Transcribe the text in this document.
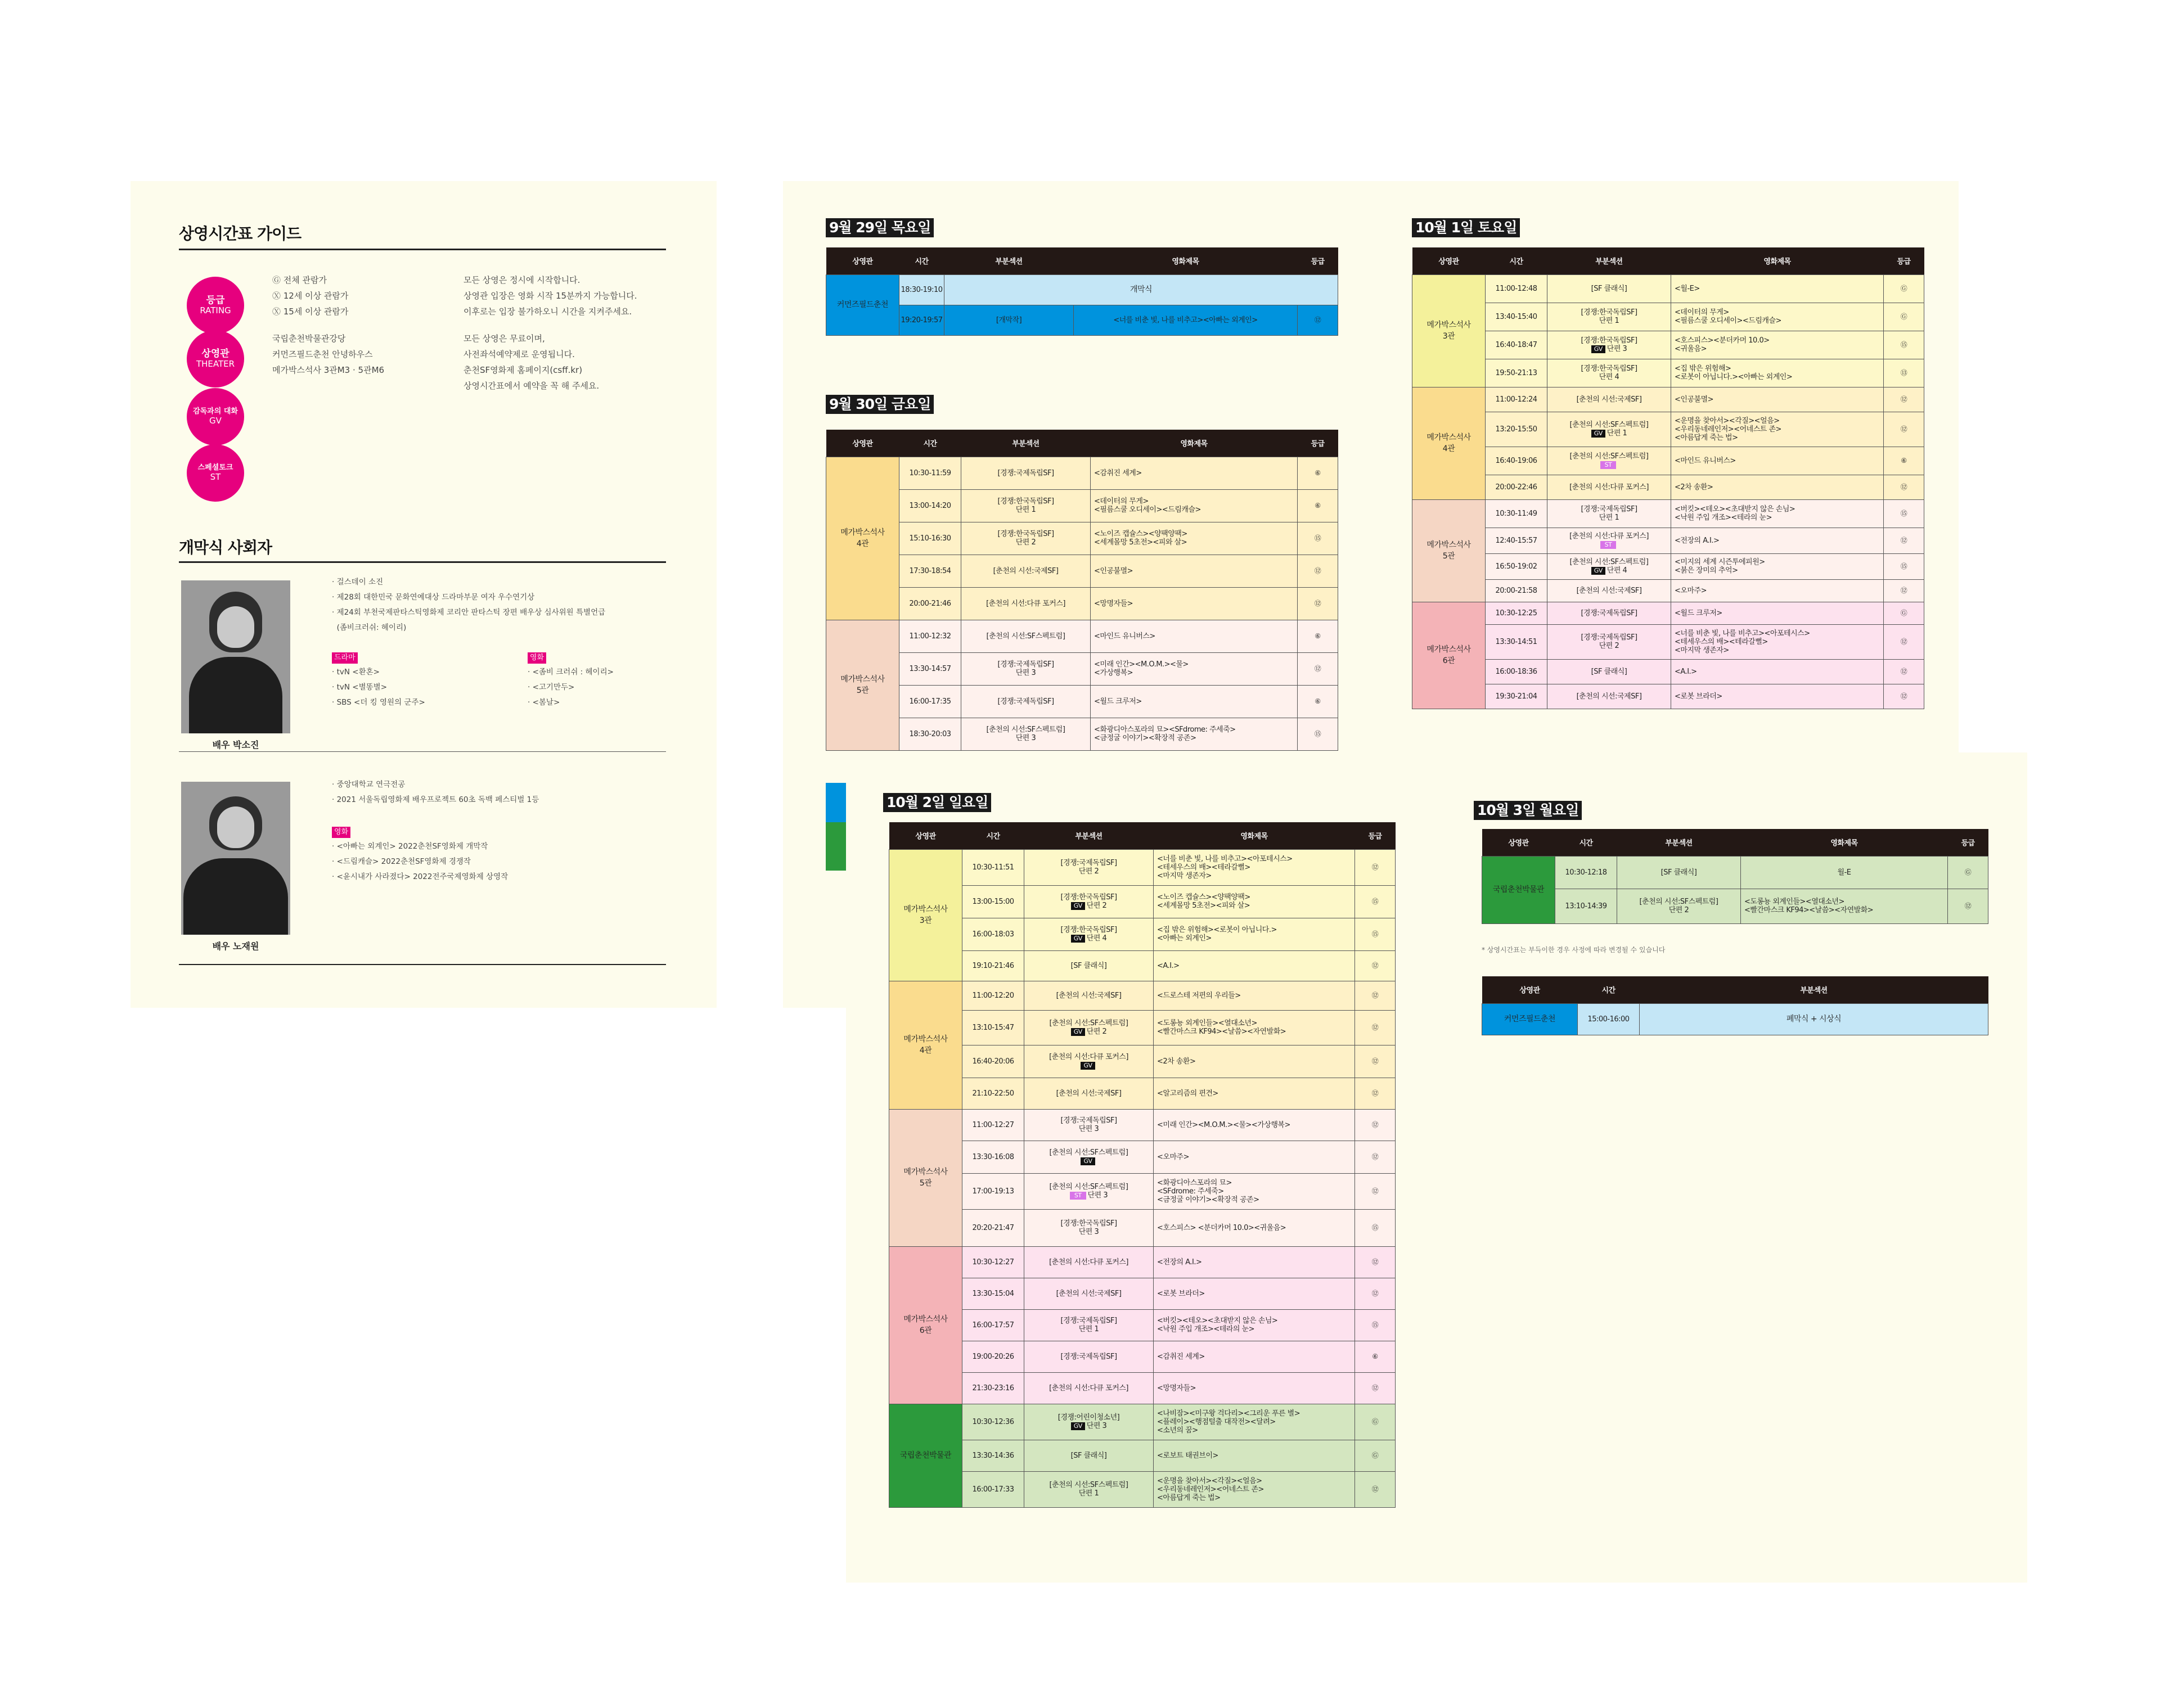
상영시간표 가이드
등급
RATING
상영관
THEATER
감독과의 대화
GV
스페셜토크
ST
Ⓖ 전체 관람가
Ⓧ 12세 이상 관람가
Ⓧ 15세 이상 관람가
모든 상영은 정시에 시작합니다.
상영관 입장은 영화 시작 15분까지 가능합니다.
이후로는 입장 불가하오니 시간을 지켜주세요.
국립춘천박물관강당
커먼즈필드춘천 안녕하우스
메가박스석사 3관M3 · 5관M6
모든 상영은 무료이며,
사전좌석예약제로 운영됩니다.
춘천SF영화제 홈페이지(csff.kr)
상영시간표에서 예약을 꼭 해 주세요.
개막식 사회자
배우 박소진
· 걸스데이 소진
· 제28회 대한민국 문화연예대상 드라마부문 여자 우수연기상
· 제24회 부천국제판타스틱영화제 코리안 판타스틱 장편 배우상 심사위원 특별언급
(좀비크러쉬: 헤이리)
드라마
· tvN <환혼>
· tvN <별똥별>
· SBS <더 킹 영원의 군주>
영화
· <좀비 크러쉬 : 헤이리>
· <고기만두>
· <봄날>
배우 노재원
· 중앙대학교 연극전공
· 2021 서울독립영화제 배우프로젝트 60초 독백 페스티벌 1등
영화
· <아빠는 외계인> 2022춘천SF영화제 개막작
· <드림캐슬> 2022춘천SF영화제 경쟁작
· <윤시내가 사라졌다> 2022전주국제영화제 상영작
9월 29일 목요일
상영관	시간	부분섹션	영화제목	등급
커먼즈필드춘천	18:30-19:10	개막식		
	19:20-19:57	[개막작]	<너를 비춘 빛, 나를 비추고><아빠는 외계인>	⑫
9월 30일 금요일
상영관	시간	부분섹션	영화제목	등급
메가박스석사
4관	10:30-11:59	[경쟁:국제독립SF]	<감취진 세계>	⑥
	13:00-14:20	[경쟁:한국독립SF]
단편 1	<데이터의 무게>
<필름스쿨 오디세이><드림캐슬>	⑥
	15:10-16:30	[경쟁:한국독립SF]
단편 2	<노이즈 캡슐스><양팩양팩>
<세계몰망 5초전><피와 살>	⑮
	17:30-18:54	[춘천의 시선:국제SF]	<인공불멸>	⑫
	20:00-21:46	[춘천의 시선:다큐 포커스]	<망명자들>	⑫
메가박스석사
5관	11:00-12:32	[춘천의 시선:SF스펙트럼]	<마인드 유니버스>	⑥
	13:30-14:57	[경쟁:국제독립SF]
단편 3	<미래 인간><M.O.M.><물>
<가상행복>	⑫
	16:00-17:35	[경쟁:국제독립SF]	<월드 크루저>	⑥
	18:30-20:03	[춘천의 시선:SF스펙트럼]
단편 3	<화광디아스포라의 묘><SFdrome: 주세죽>
<금정굴 이야기><확장적 공존>	⑮
10월 1일 토요일
상영관	시간	부분섹션	영화제목	등급
메가박스석사
3관	11:00-12:48	[SF 클래식]	<월-E>	Ⓖ
	13:40-15:40	[경쟁:한국독립SF]
단편 1	<데이터의 무게>
<필름스쿨 오디세이><드림캐슬>	Ⓖ
	16:40-18:47	[경쟁:한국독립SF]
GV 단편 3	<호스피스><분더카머 10.0>
<귀울음>	⑮
	19:50-21:13	[경쟁:한국독립SF]
단편 4	<집 밖은 위험해>
<로봇이 아닙니다.><아빠는 외계인>	⑬
메가박스석사
4관	11:00-12:24	[춘천의 시선:국제SF]	<인공불멸>	⑫
	13:20-15:50	[춘천의 시선:SF스펙트럼]
GV 단편 1	<운명을 찾아서><각질><얼음>
<우리동네레인저><어네스트 존>
<아름답게 죽는 법>	⑫
	16:40-19:06	[춘천의 시선:SF스펙트럼]
ST	<마인드 유니버스>	⑥
	20:00-22:46	[춘천의 시선:다큐 포커스]	<2차 송환>	⑫
메가박스석사
5관	10:30-11:49	[경쟁:국제독립SF]
단편 1	<버킷><테오><초대받지 않은 손님>
<낙원 주입 개조><테라의 눈>	⑮
	12:40-15:57	[춘천의 시선:다큐 포커스]
ST	<전장의 A.I.>	⑫
	16:50-19:02	[춘천의 시선:SF스펙트럼]
GV 단편 4	<미지의 세계 시즌투에피원>
<붉은 장미의 추억>	⑮
	20:00-21:58	[춘천의 시선:국제SF]	<오마주>	⑫
메가박스석사
6관	10:30-12:25	[경쟁:국제독립SF]	<월드 크루저>	Ⓖ
	13:30-14:51	[경쟁:국제독립SF]
단편 2	<너를 비춘 빛, 나를 비추고><아포테시스>
<테세우스의 배><테라갈뻘>
<마지막 생존자>	⑫
	16:00-18:36	[SF 클래식]	<A.I.>	⑫
	19:30-21:04	[춘천의 시선:국제SF]	<로봇 브라더>	⑫
10월 2일 일요일
상영관	시간	부분섹션	영화제목	등급
메가박스석사
3관	10:30-11:51	[경쟁:국제독립SF]
단편 2	<너를 비춘 빛, 나를 비추고><아포테시스>
<테세우스의 배><테라갈뻘>
<마지막 생존자>	⑫
	13:00-15:00	[경쟁:한국독립SF]
GV 단편 2	<노이즈 캡슐스><양팩양팩>
<세계몰망 5초전><피와 살>	⑮
	16:00-18:03	[경쟁:한국독립SF]
GV 단편 4	<집 밖은 위험해><로봇이 아닙니다.>
<아빠는 외계인>	⑮
	19:10-21:46	[SF 클래식]	<A.I.>	⑫
메가박스석사
4관	11:00-12:20	[춘천의 시선:국제SF]	<드로스테 저편의 우리들>	⑫
	13:10-15:47	[춘천의 시선:SF스펙트럼]
GV 단편 2	<도롱뇽 외계인들><열대소년>
<빨간마스크 KF94><날씀><자연발화>	⑫
	16:40-20:06	[춘천의 시선:다큐 포커스]
GV	<2차 송환>	⑫
	21:10-22:50	[춘천의 시선:국제SF]	<알고리즘의 편견>	⑫
메가박스석사
5관	11:00-12:27	[경쟁:국제독립SF]
단편 3	<미래 인간><M.O.M.><물><가상행복>	⑫
	13:30-16:08	[춘천의 시선:SF스펙트럼]
GV	<오마주>	⑫
	17:00-19:13	[춘천의 시선:SF스펙트럼]
ST 단편 3	<화광디아스포라의 묘>
<SFdrome: 주세죽>
<금정굴 이야기><확장적 공존>	⑫
	20:20-21:47	[경쟁:한국독립SF]
단편 3	<호스피스> <분더카머 10.0><귀울음>	⑮
메가박스석사
6관	10:30-12:27	[춘천의 시선:다큐 포커스]	<전장의 A.I.>	⑫
	13:30-15:04	[춘천의 시선:국제SF]	<로봇 브라더>	⑫
	16:00-17:57	[경쟁:국제독립SF]
단편 1	<버킷><테오><초대받지 않은 손님>
<낙원 주입 개조><테라의 눈>	⑮
	19:00-20:26	[경쟁:국제독립SF]	<감취진 세계>	⑥
	21:30-23:16	[춘천의 시선:다큐 포커스]	<망명자들>	⑫
국립춘천박물관	10:30-12:36	[경쟁:어린이청소년]
GV 단편 3	<나비잠><미구왕 걱다리><그리운 푸른 별>
<플레이><행점털출 대작전><달려>
<소년의 꿈>	Ⓖ
	13:30-14:36	[SF 클래식]	<로보트 태권브이>	Ⓖ
	16:00-17:33	[춘천의 시선:SF스펙트럼]
단편 1	<운명을 찾아서><각질><얼음>
<우리동네레인저><어네스트 존>
<아름답게 죽는 법>	⑫
10월 3일 월요일
상영관	시간	부분섹션	영화제목	등급
국립춘천박물관	10:30-12:18	[SF 클래식]	월-E	Ⓖ
	13:10-14:39	[춘천의 시선:SF스펙트럼]
단편 2	<도롱뇽 외계인들><열대소년>
<빨간마스크 KF94><날씀><자연발화>	⑫
* 상영시간표는 부득이한 경우 사정에 따라 변경될 수 있습니다
상영관	시간	부분섹션
커먼즈필드춘천	15:00-16:00	폐막식 + 시상식
